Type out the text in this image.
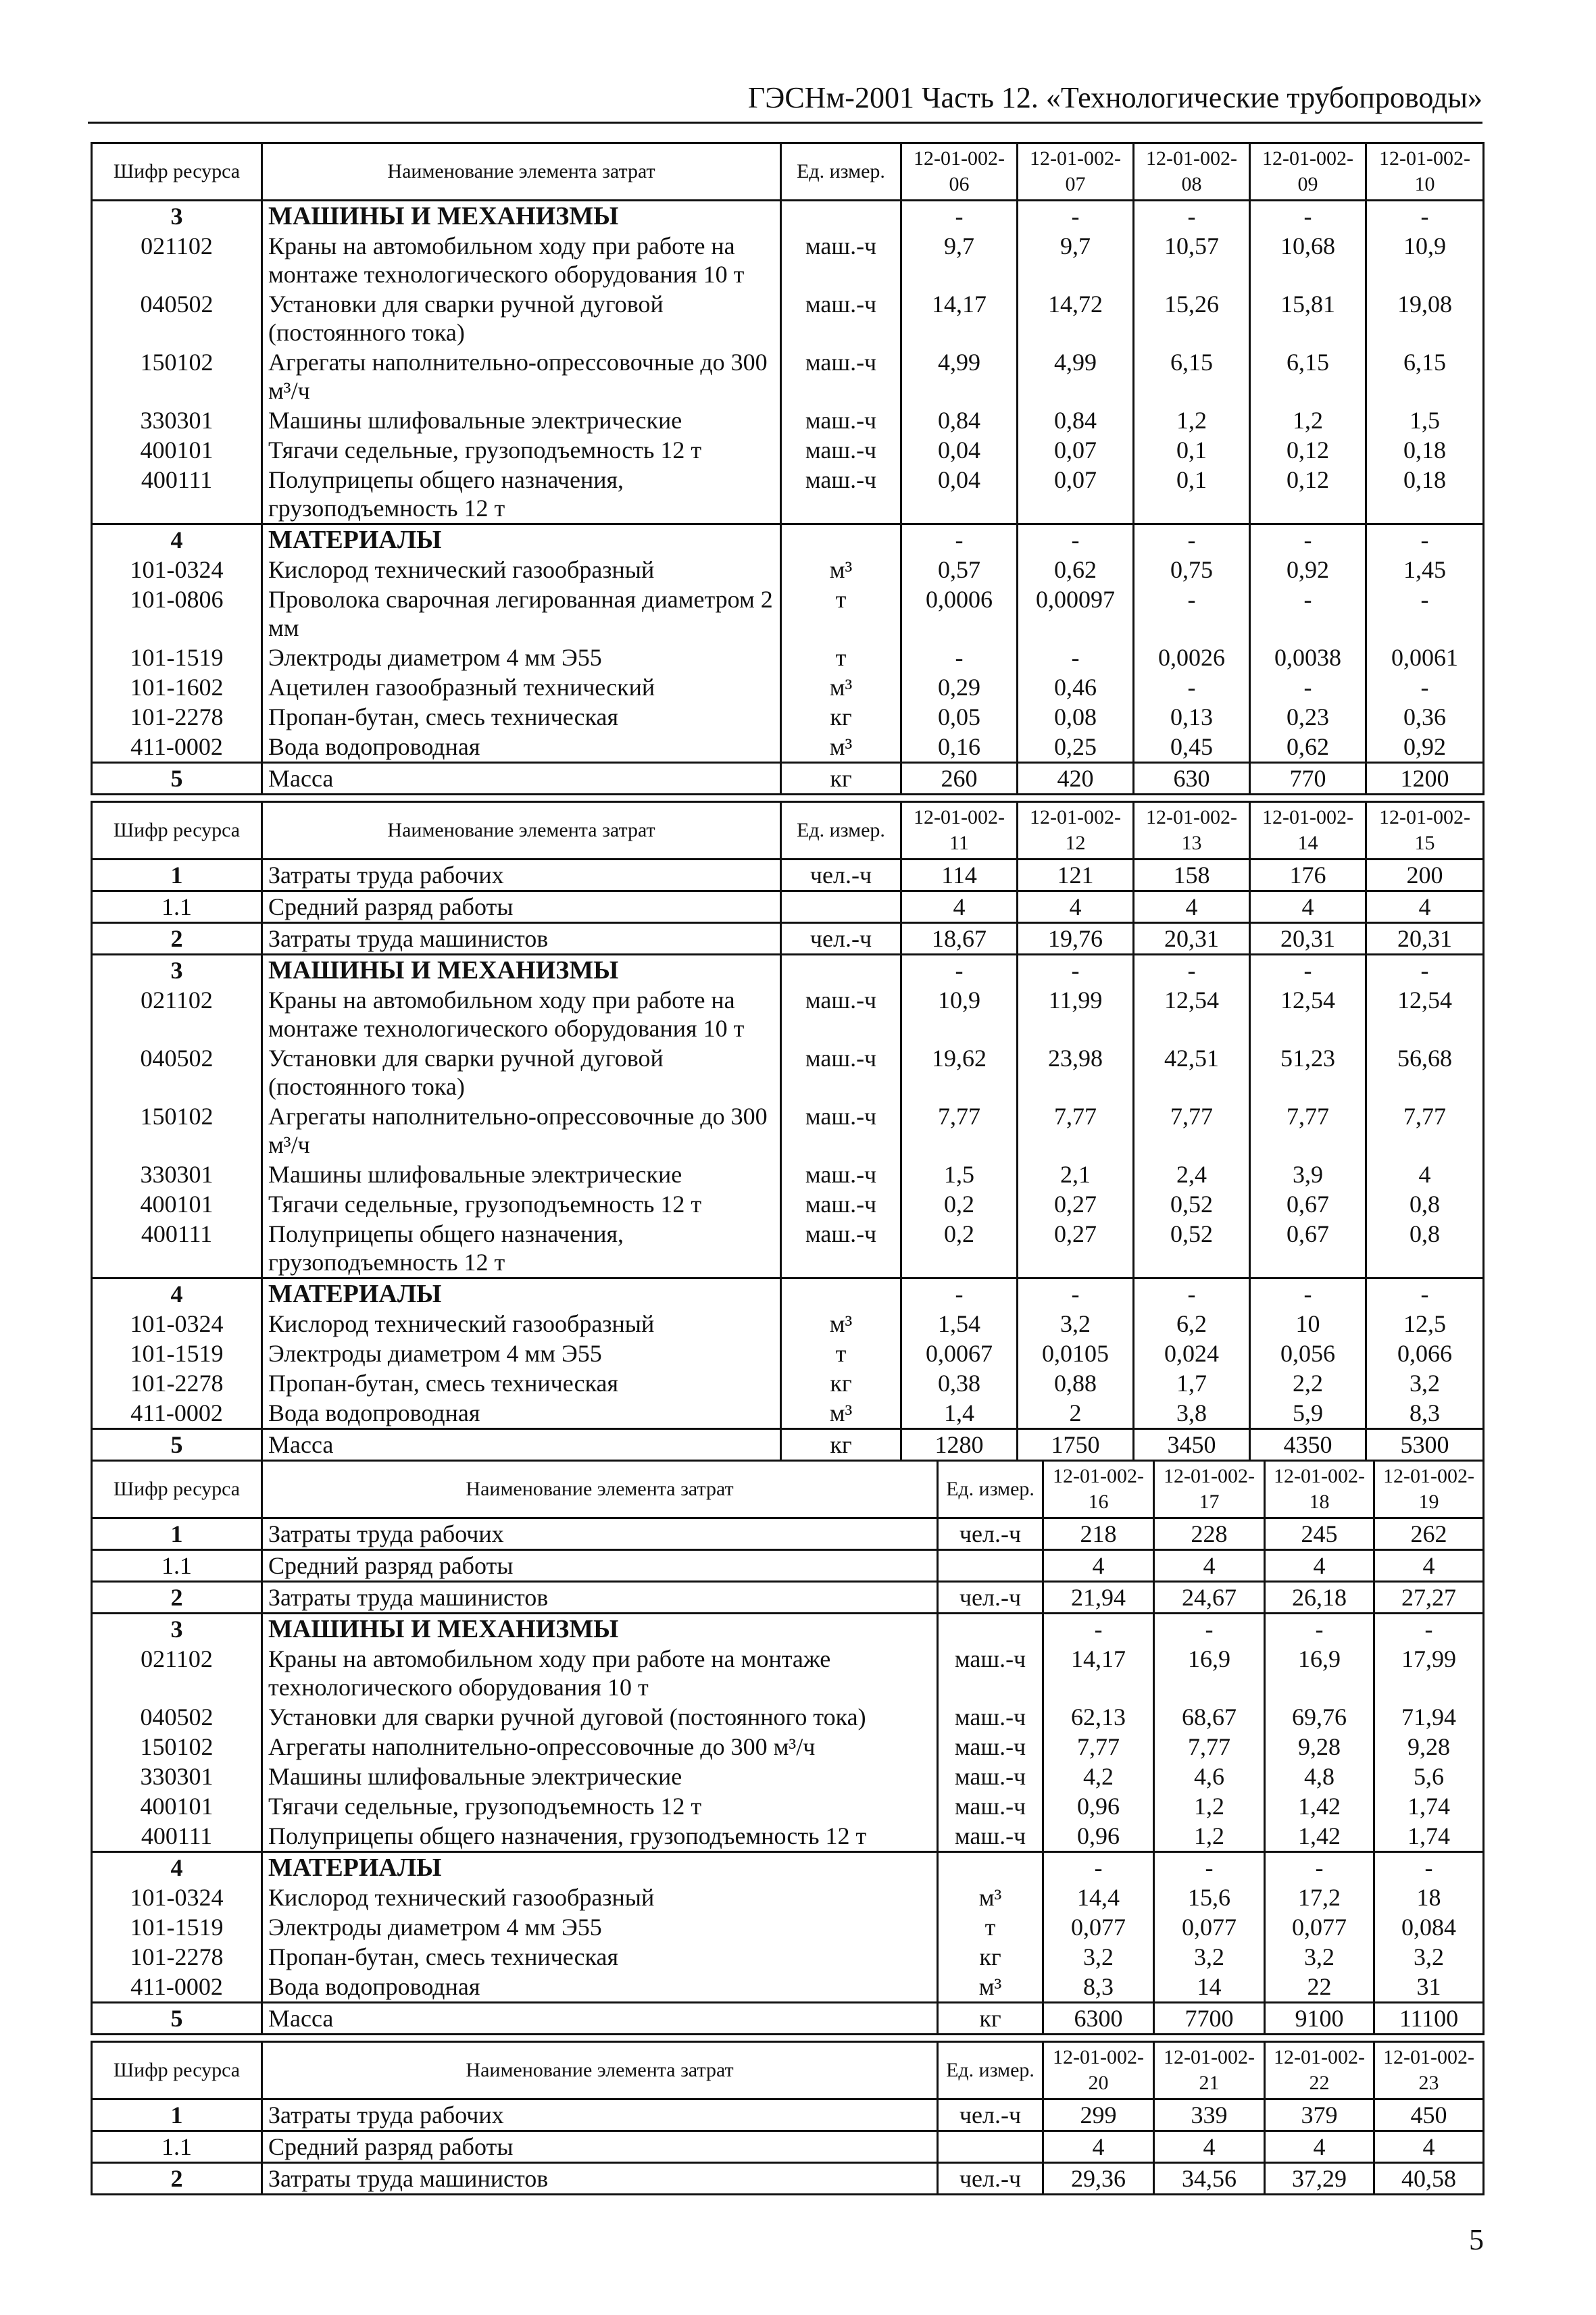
ГЭСНм-2001 Часть 12. «Технологические трубопроводы»
Шифр ресурса	Наименование элемента затрат	Ед. измер.	12-01-002-06	12-01-002-07	12-01-002-08	12-01-002-09	12-01-002-10
3	МАШИНЫ И МЕХАНИЗМЫ		-	-	-	-	-
021102	Краны на автомобильном ходу при работе на монтаже технологического оборудования 10 т	маш.-ч	9,7	9,7	10,57	10,68	10,9
040502	Установки для сварки ручной дуговой (постоянного тока)	маш.-ч	14,17	14,72	15,26	15,81	19,08
150102	Агрегаты наполнительно-опрессовочные до 300 м³/ч	маш.-ч	4,99	4,99	6,15	6,15	6,15
330301	Машины шлифовальные электрические	маш.-ч	0,84	0,84	1,2	1,2	1,5
400101	Тягачи седельные, грузоподъемность 12 т	маш.-ч	0,04	0,07	0,1	0,12	0,18
400111	Полуприцепы общего назначения, грузоподъемность 12 т	маш.-ч	0,04	0,07	0,1	0,12	0,18
4	МАТЕРИАЛЫ		-	-	-	-	-
101-0324	Кислород технический газообразный	м³	0,57	0,62	0,75	0,92	1,45
101-0806	Проволока сварочная легированная диаметром 2 мм	т	0,0006	0,00097	-	-	-
101-1519	Электроды диаметром 4 мм Э55	т	-	-	0,0026	0,0038	0,0061
101-1602	Ацетилен газообразный технический	м³	0,29	0,46	-	-	-
101-2278	Пропан-бутан, смесь техническая	кг	0,05	0,08	0,13	0,23	0,36
411-0002	Вода водопроводная	м³	0,16	0,25	0,45	0,62	0,92
5	Масса	кг	260	420	630	770	1200
Шифр ресурса	Наименование элемента затрат	Ед. измер.	12-01-002-11	12-01-002-12	12-01-002-13	12-01-002-14	12-01-002-15
1	Затраты труда рабочих	чел.-ч	114	121	158	176	200
1.1	Средний разряд работы		4	4	4	4	4
2	Затраты труда машинистов	чел.-ч	18,67	19,76	20,31	20,31	20,31
3	МАШИНЫ И МЕХАНИЗМЫ		-	-	-	-	-
021102	Краны на автомобильном ходу при работе на монтаже технологического оборудования 10 т	маш.-ч	10,9	11,99	12,54	12,54	12,54
040502	Установки для сварки ручной дуговой (постоянного тока)	маш.-ч	19,62	23,98	42,51	51,23	56,68
150102	Агрегаты наполнительно-опрессовочные до 300 м³/ч	маш.-ч	7,77	7,77	7,77	7,77	7,77
330301	Машины шлифовальные электрические	маш.-ч	1,5	2,1	2,4	3,9	4
400101	Тягачи седельные, грузоподъемность 12 т	маш.-ч	0,2	0,27	0,52	0,67	0,8
400111	Полуприцепы общего назначения, грузоподъемность 12 т	маш.-ч	0,2	0,27	0,52	0,67	0,8
4	МАТЕРИАЛЫ		-	-	-	-	-
101-0324	Кислород технический газообразный	м³	1,54	3,2	6,2	10	12,5
101-1519	Электроды диаметром 4 мм Э55	т	0,0067	0,0105	0,024	0,056	0,066
101-2278	Пропан-бутан, смесь техническая	кг	0,38	0,88	1,7	2,2	3,2
411-0002	Вода водопроводная	м³	1,4	2	3,8	5,9	8,3
5	Масса	кг	1280	1750	3450	4350	5300
Шифр ресурса	Наименование элемента затрат	Ед. измер.	12-01-002-16	12-01-002-17	12-01-002-18	12-01-002-19
1	Затраты труда рабочих	чел.-ч	218	228	245	262
1.1	Средний разряд работы		4	4	4	4
2	Затраты труда машинистов	чел.-ч	21,94	24,67	26,18	27,27
3	МАШИНЫ И МЕХАНИЗМЫ		-	-	-	-
021102	Краны на автомобильном ходу при работе на монтаже технологического оборудования 10 т	маш.-ч	14,17	16,9	16,9	17,99
040502	Установки для сварки ручной дуговой (постоянного тока)	маш.-ч	62,13	68,67	69,76	71,94
150102	Агрегаты наполнительно-опрессовочные до 300 м³/ч	маш.-ч	7,77	7,77	9,28	9,28
330301	Машины шлифовальные электрические	маш.-ч	4,2	4,6	4,8	5,6
400101	Тягачи седельные, грузоподъемность 12 т	маш.-ч	0,96	1,2	1,42	1,74
400111	Полуприцепы общего назначения, грузоподъемность 12 т	маш.-ч	0,96	1,2	1,42	1,74
4	МАТЕРИАЛЫ		-	-	-	-
101-0324	Кислород технический газообразный	м³	14,4	15,6	17,2	18
101-1519	Электроды диаметром 4 мм Э55	т	0,077	0,077	0,077	0,084
101-2278	Пропан-бутан, смесь техническая	кг	3,2	3,2	3,2	3,2
411-0002	Вода водопроводная	м³	8,3	14	22	31
5	Масса	кг	6300	7700	9100	11100
Шифр ресурса	Наименование элемента затрат	Ед. измер.	12-01-002-20	12-01-002-21	12-01-002-22	12-01-002-23
1	Затраты труда рабочих	чел.-ч	299	339	379	450
1.1	Средний разряд работы		4	4	4	4
2	Затраты труда машинистов	чел.-ч	29,36	34,56	37,29	40,58
5
